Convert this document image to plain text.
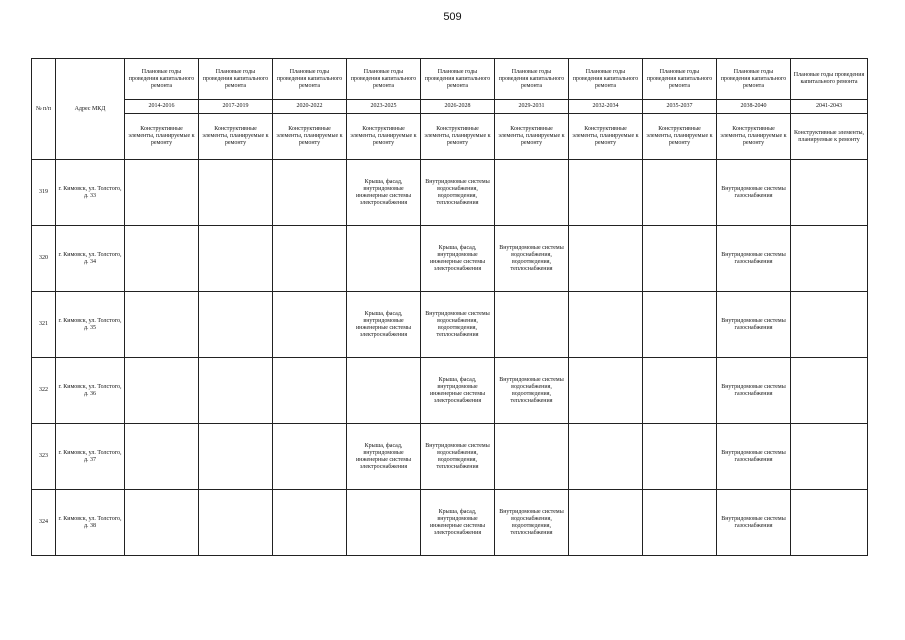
509
№ п/п	Адрес МКД	Плановые годы проведения капитального ремонта	Плановые годы проведения капитального ремонта	Плановые годы проведения капитального ремонта	Плановые годы проведения капитального ремонта	Плановые годы проведения капитального ремонта	Плановые годы проведения капитального ремонта	Плановые годы проведения капитального ремонта	Плановые годы проведения капитального ремонта	Плановые годы проведения капитального ремонта	Плановые годы проведения капитального ремонта
		2014-2016	2017-2019	2020-2022	2023-2025	2026-2028	2029-2031	2032-2034	2035-2037	2038-2040	2041-2043
		Конструктивные элементы, планируемые к ремонту	Конструктивные элементы, планируемые к ремонту	Конструктивные элементы, планируемые к ремонту	Конструктивные элементы, планируемые к ремонту	Конструктивные элементы, планируемые к ремонту	Конструктивные элементы, планируемые к ремонту	Конструктивные элементы, планируемые к ремонту	Конструктивные элементы, планируемые к ремонту	Конструктивные элементы, планируемые к ремонту	Конструктивные элементы, планируемые к ремонту
319	г. Кимовск, ул. Толстого, д. 33				Крыша, фасад, внутридомовые инженерные системы электроснабжения	Внутридомовые системы водоснабжения, водоотведения, теплоснабжения				Внутридомовые системы газоснабжения	
320	г. Кимовск, ул. Толстого, д. 34					Крыша, фасад, внутридомовые инженерные системы электроснабжения	Внутридомовые системы водоснабжения, водоотведения, теплоснабжения			Внутридомовые системы газоснабжения	
321	г. Кимовск, ул. Толстого, д. 35				Крыша, фасад, внутридомовые инженерные системы электроснабжения	Внутридомовые системы водоснабжения, водоотведения, теплоснабжения				Внутридомовые системы газоснабжения	
322	г. Кимовск, ул. Толстого, д. 36					Крыша, фасад, внутридомовые инженерные системы электроснабжения	Внутридомовые системы водоснабжения, водоотведения, теплоснабжения			Внутридомовые системы газоснабжения	
323	г. Кимовск, ул. Толстого, д. 37				Крыша, фасад, внутридомовые инженерные системы электроснабжения	Внутридомовые системы водоснабжения, водоотведения, теплоснабжения				Внутридомовые системы газоснабжения	
324	г. Кимовск, ул. Толстого, д. 38					Крыша, фасад, внутридомовые инженерные системы электроснабжения	Внутридомовые системы водоснабжения, водоотведения, теплоснабжения			Внутридомовые системы газоснабжения	
